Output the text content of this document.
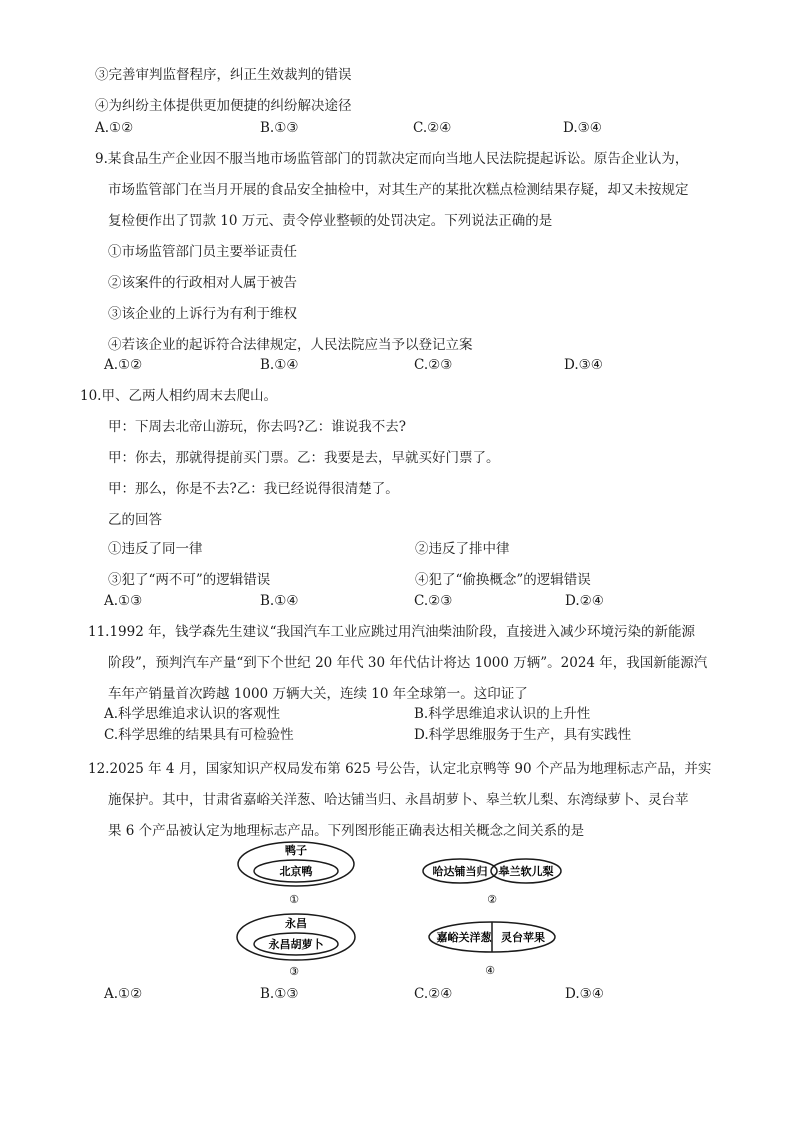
③完善审判监督程序，纠正生效裁判的错误
④为纠纷主体提供更加便捷的纠纷解决途径
A.①②	B.①③	C.②④	D.③④
9.某食品生产企业因不服当地市场监管部门的罚款决定而向当地人民法院提起诉讼。原告企业认为，
市场监管部门在当月开展的食品安全抽检中，对其生产的某批次糕点检测结果存疑，却又未按规定
复检便作出了罚款 10 万元、责令停业整顿的处罚决定。下列说法正确的是
①市场监管部门员主要举证责任
②该案件的行政相对人属于被告
③该企业的上诉行为有利于维权
④若该企业的起诉符合法律规定，人民法院应当予以登记立案
A.①②	B.①④	C.②③	D.③④
10.甲、乙两人相约周末去爬山。
甲：下周去北帝山游玩，你去吗?乙：谁说我不去?
甲：你去，那就得提前买门票。乙：我要是去，早就买好门票了。
甲：那么，你是不去?乙：我已经说得很清楚了。
乙的回答
①违反了同一律	②违反了排中律
③犯了“两不可”的逻辑错误	④犯了“偷换概念”的逻辑错误
A.①③	B.①④	C.②③	D.②④
11.1992 年，钱学森先生建议“我国汽车工业应跳过用汽油柴油阶段，直接进入减少环境污染的新能源
阶段”，预判汽车产量“到下个世纪 20 年代 30 年代估计将达 1000 万辆”。2024 年，我国新能源汽
车年产销量首次跨越 1000 万辆大关，连续 10 年全球第一。这印证了
A.科学思维追求认识的客观性	B.科学思维追求认识的上升性
C.科学思维的结果具有可检验性	D.科学思维服务于生产，具有实践性
12.2025 年 4 月，国家知识产权局发布第 625 号公告，认定北京鸭等 90 个产品为地理标志产品，并实
施保护。其中，甘肃省嘉峪关洋葱、哈达铺当归、永昌胡萝卜、皋兰软儿梨、东湾绿萝卜、灵台苹
果 6 个产品被认定为地理标志产品。下列图形能正确表达相关概念之间关系的是
鸭子
北京鸭
①
哈达铺当归 皋兰软儿梨
②
永昌
永昌胡萝卜
③
嘉峪关洋葱 灵台苹果
④
A.①②	B.①③	C.②④	D.③④
